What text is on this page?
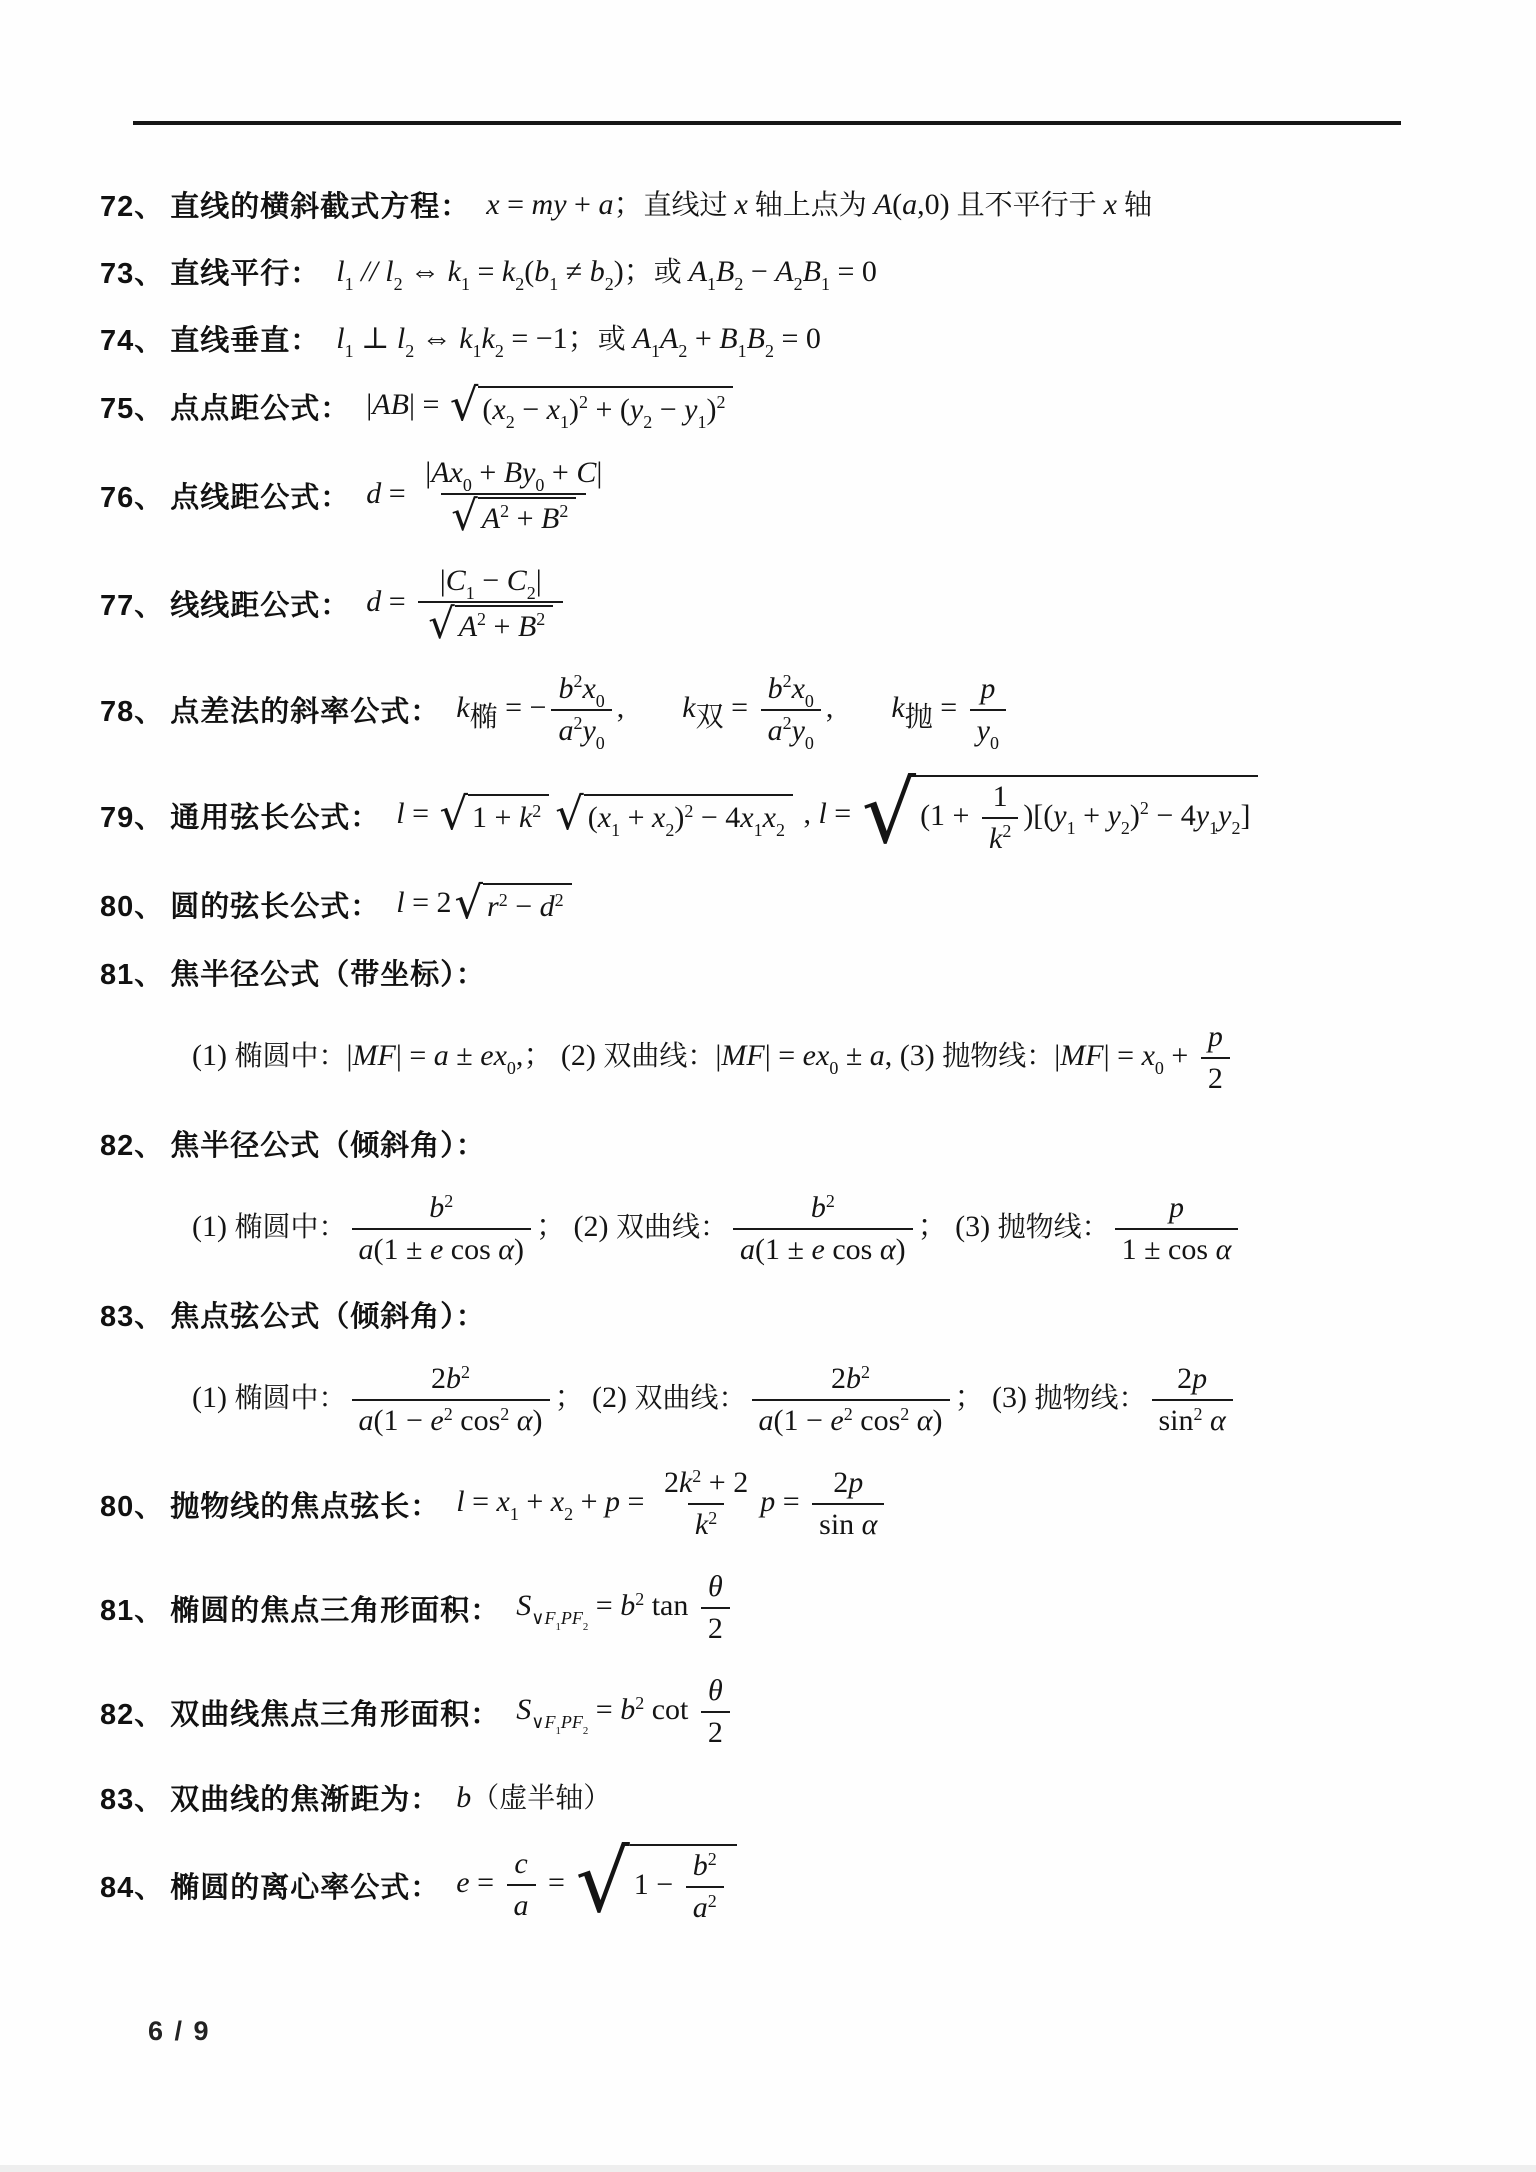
72、 直线的横斜截式方程： x = my + a；直线过 x 轴上点为 A(a,0) 且不平行于 x 轴
73、 直线平行： $l_1 // l_2$ ⇔ $k_1 = k_2(b_1 \ne b_2)$；或 $A_1B_2 - A_2B_1 = 0$
74、 直线垂直： $l_1$ ⊥ $l_2$ ⇔ $k_1k_2 = -1$；或 $A_1A_2 + B_1B_2 = 0$
75、 点点距公式： |AB| = √ $(x_2 - x_1)^2 + (y_2 - y_1)^2$
76、 点线距公式： $d = \frac{|Ax_0 + By_0 + C|}{√ A^2 + B^2}$
77、 线线距公式： $d = \frac{|C_1 - C_2|}{√ A^2 + B^2}$
78、 点差法的斜率公式： $k_椭$ = − $\frac{b^2x_0}{a^2y_0}$ , $k_双 = \frac{b^2x_0}{a^2y_0}$ , $k_抛 = \frac{p}{y_0}$
79、 通用弦长公式： l = √ $1 + k^2$ √ $(x_1 + x_2)^2 - 4x_1x_2$
, l = √ $(1 + \frac{1}{k^2} )[(y_1 + y_2)^2 - 4y_1y_2]$
80、 圆的弦长公式： l = 2 √ $r^2 - d^2$
81、 焦半径公式（带坐标）：
(1) 椭圆中：$|MF| = a \pm ex_0$,； (2) 双曲线：$|MF| = ex_0 \pm a$, (3) 抛物线：$|MF| = x_0 + \frac{p}{2}$
82、 焦半径公式（倾斜角）：
(1) 椭圆中： $\frac{b^2}{\text{a(1 ± e cos α)}}$ ； (2) 双曲线： $\frac{b^2}{\text{a(1 ± e cos α)}}$ ； (3) 抛物线： $\frac{p}{\text{1 ± cos α}}$
83、 焦点弦公式（倾斜角）：
(1) 椭圆中： $\frac{2b^2}{a(1 - e^2 \cos^2 \alpha)}$ ； (2) 双曲线： $\frac{2b^2}{a(1 - e^2 \cos^2 \alpha)}$ ； (3) 抛物线： $\frac{2p}{\sin^2 \alpha}$
80、 抛物线的焦点弦长： $l = x_1 + x_2 + p = \frac{2k^2 + 2}{k^2}$ $p = \frac{2p}{\text{sin α}}$
81、 椭圆的焦点三角形面积： $S_{\vee F_1PF_2} = b^2$ $\tan \frac{\theta}{2}$
82、 双曲线焦点三角形面积： $S_{\vee F_1PF_2} = b^2$ $\cot \frac{\theta}{2}$
83、 双曲线的焦渐距为： b（虚半轴）
84、 椭圆的离心率公式： $e = \frac{c}{a}$ = √ $1 - \frac{b^2}{a^2}$
6 / 9
